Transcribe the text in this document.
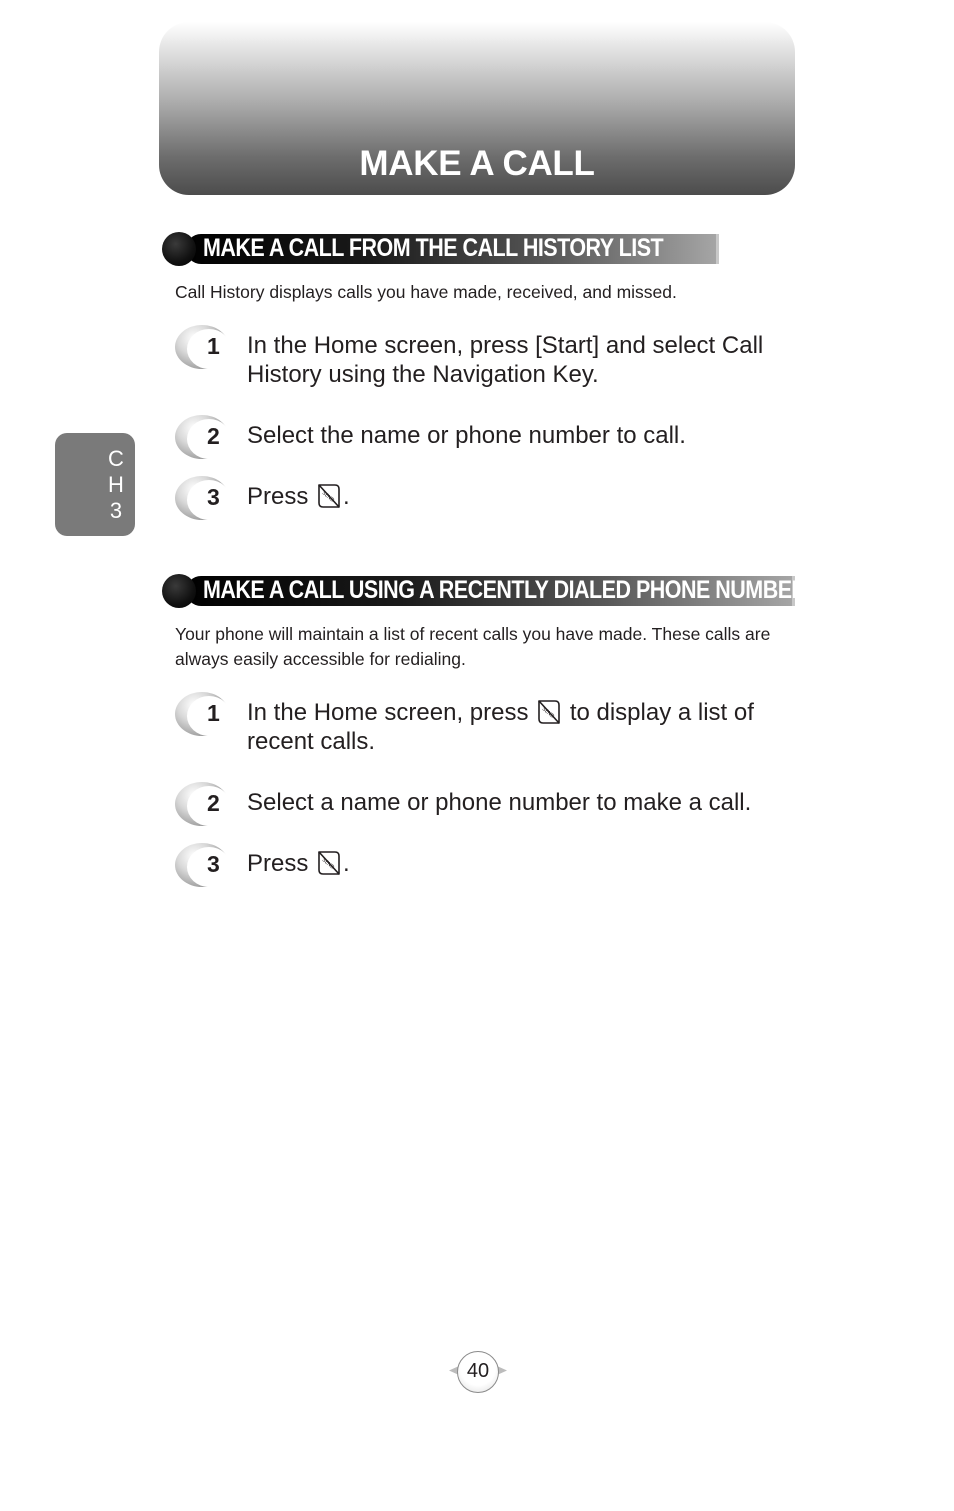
MAKE A CALL
C
H
3
MAKE A CALL FROM THE CALL HISTORY LIST

Call History displays calls you have made, received, and missed.

1 In the Home screen, press [Start] and select Call History using the Navigation Key.

2 Select the name or phone number to call.

3 Press .

MAKE A CALL USING A RECENTLY DIALED PHONE NUMBER

Your phone will maintain a list of recent calls you have made. These calls are always easily accessible for redialing.

1 In the Home screen, press to display a list of recent calls.

2 Select a name or phone number to make a call.

3 Press .

40
